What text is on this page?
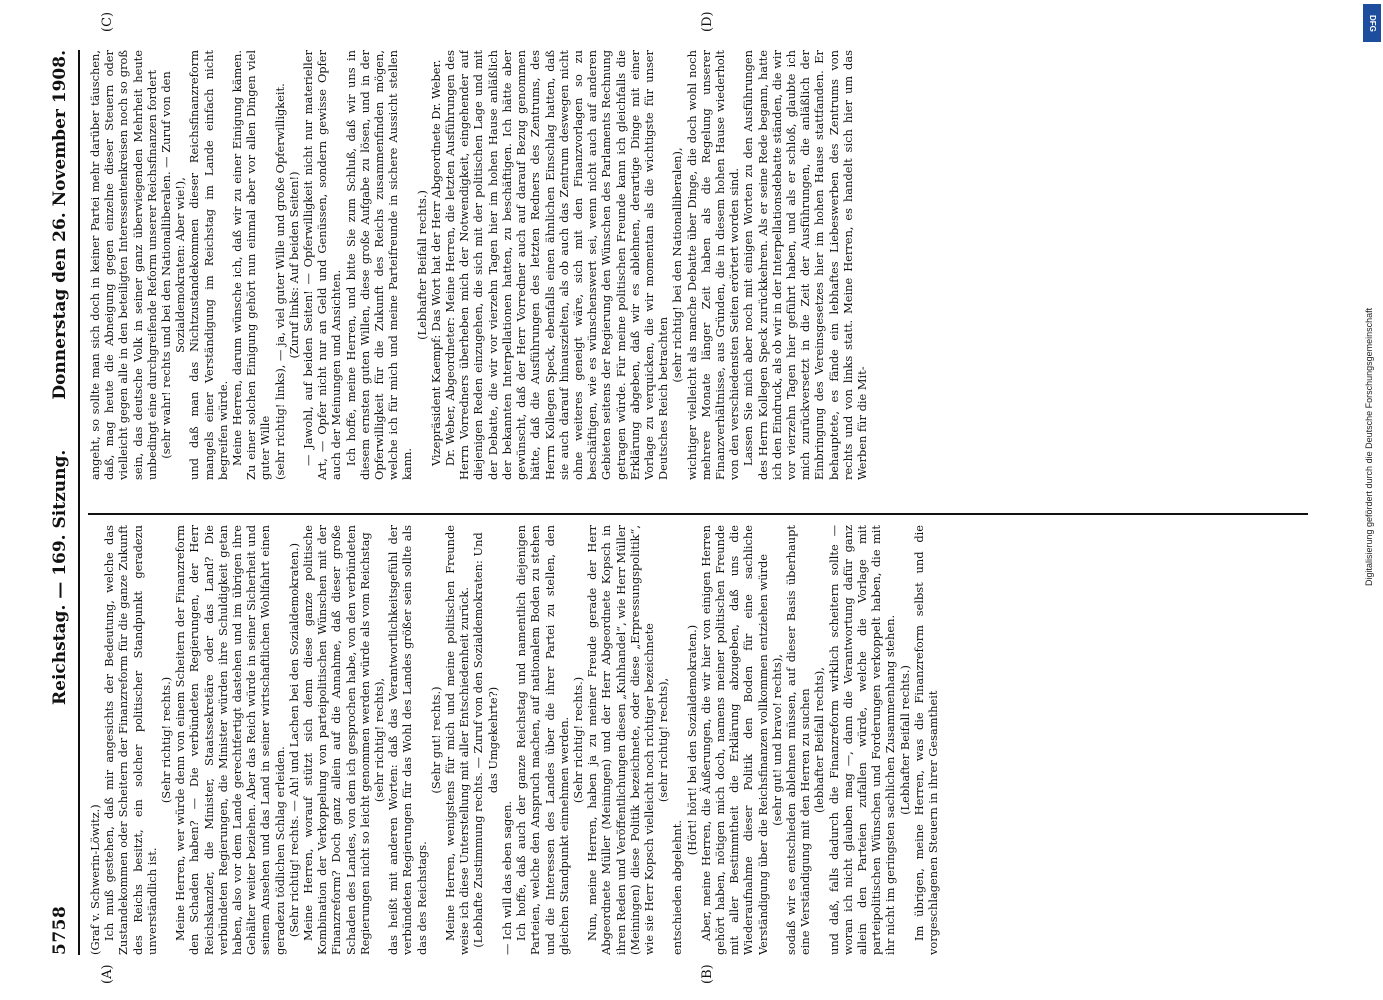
5758
Reichstag. — 169. Sitzung.
Donnerstag den 26. November 1908.
(A)	(B)
(C)	(D)

(Graf v. Schwerin-Löwitz.) Ich muß gestehen, daß mir angesichts der Bedeutung, welche das Zustandekommen oder Scheitern der Finanzreform für die ganze Zukunft des Reichs besitzt, ein solcher politischer Standpunkt geradezu unverständlich ist.

(Sehr richtig! rechts.) Meine Herren, wer würde denn von einem Scheitern der Finanzreform den Schaden haben? — Die verbündeten Regierungen, der Herr Reichskanzler, die Minister, Staatssekretäre oder das Land? Die verbündeten Regierungen, die Minister würden ihre Schuldigkeit getan haben, also vor dem Lande gerechtfertigt dastehen und im übrigen ihre Gehälter weiter beziehen. Aber das Reich würde in seiner Sicherheit und seinem Ansehen und das Land in seiner wirtschaftlichen Wohlfahrt einen geradezu tödlichen Schlag erleiden. (Sehr richtig! rechts. — Ah! und Lachen bei den Sozialdemokraten.) Meine Herren, worauf stützt sich denn diese ganze politische Kombination der Verkoppelung von parteipolitischen Wünschen mit der Finanzreform? Doch ganz allein auf die Annahme, daß dieser große Schaden des Landes, von dem ich gesprochen habe, von den verbündeten Regierungen nicht so leicht genommen werden würde als vom Reichstag (sehr richtig! rechts), das heißt mit anderen Worten: daß das Verantwortlichkeitsgefühl der verbündeten Regierungen für das Wohl des Landes größer sein sollte als das des Reichstags.

(Sehr gut! rechts.) Meine Herren, wenigstens für mich und meine politischen Freunde weise ich diese Unterstellung mit aller Entschiedenheit zurück. (Lebhafte Zustimmung rechts. — Zuruf von den Sozialdemokraten: Und das Umgekehrte?)

— Ich will das eben sagen. Ich hoffe, daß auch der ganze Reichstag und namentlich diejenigen Parteien, welche den Anspruch machen, auf nationalem Boden zu stehen und die Interessen des Landes über die ihrer Partei zu stellen, den gleichen Standpunkt einnehmen werden. (Sehr richtig! rechts.) Nun, meine Herren, haben ja zu meiner Freude gerade der Herr Abgeordnete Müller (Meiningen) und der Herr Abgeordnete Kopsch in ihren Reden und Veröffentlichungen diesen „Kuhhandel“, wie Herr Müller (Meiningen) diese Politik bezeichnete, oder diese „Erpressungspolitik“, wie sie Herr Kopsch vielleicht noch richtiger bezeichnete (sehr richtig! rechts),

entschieden abgelehnt.

(Hört! hört! bei den Sozialdemokraten.) Aber, meine Herren, die Äußerungen, die wir hier von einigen Herren gehört haben, nötigen mich doch, namens meiner politischen Freunde mit aller Bestimmtheit die Erklärung abzugeben, daß uns die Wiederaufnahme dieser Politik den Boden für eine sachliche Verständigung über die Reichsfinanzen vollkommen entziehen würde (sehr gut! und bravo! rechts), sodaß wir es entschieden ablehnen müssen, auf dieser Basis überhaupt eine Verständigung mit den Herren zu suchen (lebhafter Beifall rechts), und daß, falls dadurch die Finanzreform wirklich scheitern sollte — woran ich nicht glauben mag —, dann die Verantwortung dafür ganz allein den Parteien zufallen würde, welche die Vorlage mit parteipolitischen Wünschen und Forderungen verkoppelt haben, die mit ihr nicht im geringsten sachlichen Zusammenhang stehen. (Lebhafter Beifall rechts.) Im übrigen, meine Herren, was die Finanzreform selbst und die vorgeschlagenen Steuern in ihrer Gesamtheit

angeht, so sollte man sich doch in keiner Partei mehr darüber täuschen, daß, mag heute die Abneigung gegen einzelne dieser Steuern oder vielleicht gegen alle in den beteiligten Interessentenkreisen noch so groß sein, das deutsche Volk in seiner ganz überwiegenden Mehrheit heute unbedingt eine durchgreifende Reform unserer Reichsfinanzen fordert (sehr wahr! rechts und bei den Nationalliberalen. — Zuruf von den Sozialdemokraten: Aber wie!), und daß man das Nichtzustandekommen dieser Reichsfinanzreform mangels einer Verständigung im Reichstag im Lande einfach nicht begreifen würde. Meine Herren, darum wünsche ich, daß wir zu einer Einigung kämen. Zu einer solchen Einigung gehört nun einmal aber vor allen Dingen viel guter Wille (sehr richtig! links), — ja, viel guter Wille und große Opferwilligkeit. (Zuruf links: Auf beiden Seiten!) — Jawohl, auf beiden Seiten! — Opferwilligkeit nicht nur materieller Art, — Opfer nicht nur an Geld und Genüssen, sondern gewisse Opfer auch der Meinungen und Ansichten. Ich hoffe, meine Herren, und bitte Sie zum Schluß, daß wir uns in diesem ernsten guten Willen, diese große Aufgabe zu lösen, und in der Opferwilligkeit für die Zukunft des Reichs zusammenfinden mögen, welche ich für mich und meine Parteifreunde in sichere Aussicht stellen kann.

(Lebhafter Beifall rechts.) Vizepräsident Kaempf: Das Wort hat der Herr Abgeordnete Dr. Weber. Dr. Weber, Abgeordneter: Meine Herren, die letzten Ausführungen des Herrn Vorredners überheben mich der Notwendigkeit, eingehender auf diejenigen Reden einzugehen, die sich mit der politischen Lage und mit der Debatte, die wir vor vierzehn Tagen hier im hohen Hause anläßlich der bekannten Interpellationen hatten, zu beschäftigen. Ich hätte aber gewünscht, daß der Herr Vorredner auch auf darauf Bezug genommen hätte, daß die Ausführungen des letzten Redners des Zentrums, des Herrn Kollegen Speck, ebenfalls einen ähnlichen Einschlag hatten, daß sie auch darauf hinauszielten, als ob auch das Zentrum deswegen nicht ohne weiteres geneigt wäre, sich mit den Finanzvorlagen so zu beschäftigen, wie es wünschenswert sei, wenn nicht auch auf anderen Gebieten seitens der Regierung den Wünschen des Parlaments Rechnung getragen würde. Für meine politischen Freunde kann ich gleichfalls die Erklärung abgeben, daß wir es ablehnen, derartige Dinge mit einer Vorlage zu verquicken, die wir momentan als die wichtigste für unser Deutsches Reich betrachten

(sehr richtig! bei den Nationalliberalen), wichtiger vielleicht als manche Debatte über Dinge, die doch wohl noch mehrere Monate länger Zeit haben als die Regelung unserer Finanzverhältnisse, aus Gründen, die in diesem hohen Hause wiederholt von den verschiedensten Seiten erörtert worden sind. Lassen Sie mich aber noch mit einigen Worten zu den Ausführungen des Herrn Kollegen Speck zurückkehren. Als er seine Rede begann, hatte ich den Eindruck, als ob wir in der Interpellationsdebatte ständen, die wir vor vierzehn Tagen hier geführt haben, und als er schloß, glaubte ich mich zurückversetzt in die Zeit der Ausführungen, die anläßlich der Einbringung des Vereinsgesetzes hier im hohen Hause stattfanden. Er behauptete, es fände ein lebhaftes Liebeswerben des Zentrums von rechts und von links statt. Meine Herren, es handelt sich hier um das Werben für die Mit-

DFG
Digitalisierung gefördert durch die Deutsche Forschungsgemeinschaft
